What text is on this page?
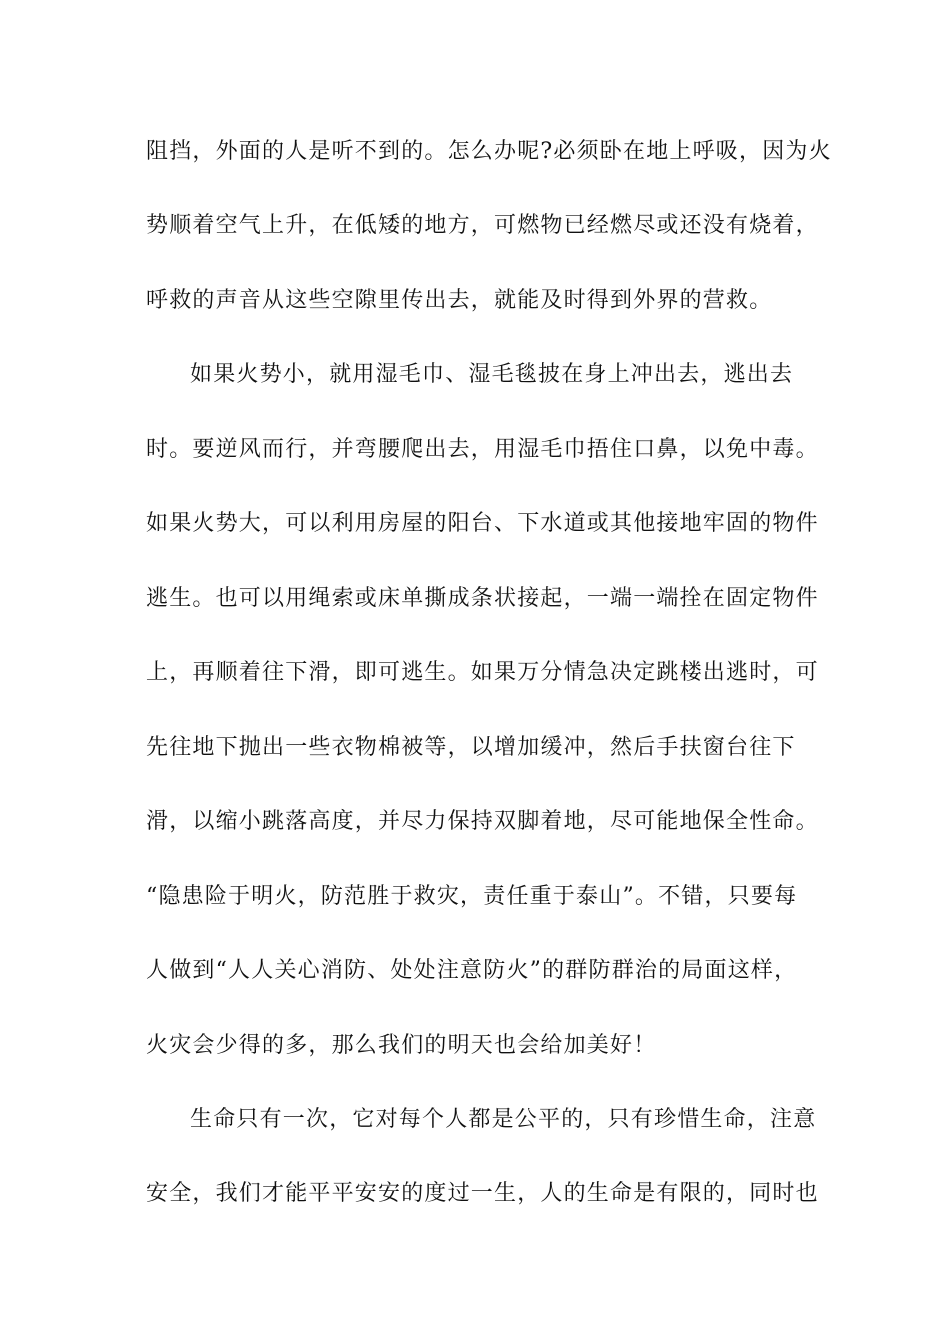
阻挡，外面的人是听不到的。怎么办呢?必须卧在地上呼吸，因为火
势顺着空气上升，在低矮的地方，可燃物已经燃尽或还没有烧着，
呼救的声音从这些空隙里传出去，就能及时得到外界的营救。
如果火势小，就用湿毛巾、湿毛毯披在身上冲出去，逃出去
时。要逆风而行，并弯腰爬出去，用湿毛巾捂住口鼻，以免中毒。
如果火势大，可以利用房屋的阳台、下水道或其他接地牢固的物件
逃生。也可以用绳索或床单撕成条状接起，一端一端拴在固定物件
上，再顺着往下滑，即可逃生。如果万分情急决定跳楼出逃时，可
先往地下抛出一些衣物棉被等，以增加缓冲，然后手扶窗台往下
滑，以缩小跳落高度，并尽力保持双脚着地，尽可能地保全性命。
“隐患险于明火，防范胜于救灾，责任重于泰山”。不错，只要每
人做到“人人关心消防、处处注意防火”的群防群治的局面这样，
火灾会少得的多，那么我们的明天也会给加美好！
生命只有一次，它对每个人都是公平的，只有珍惜生命，注意
安全，我们才能平平安安的度过一生，人的生命是有限的，同时也
